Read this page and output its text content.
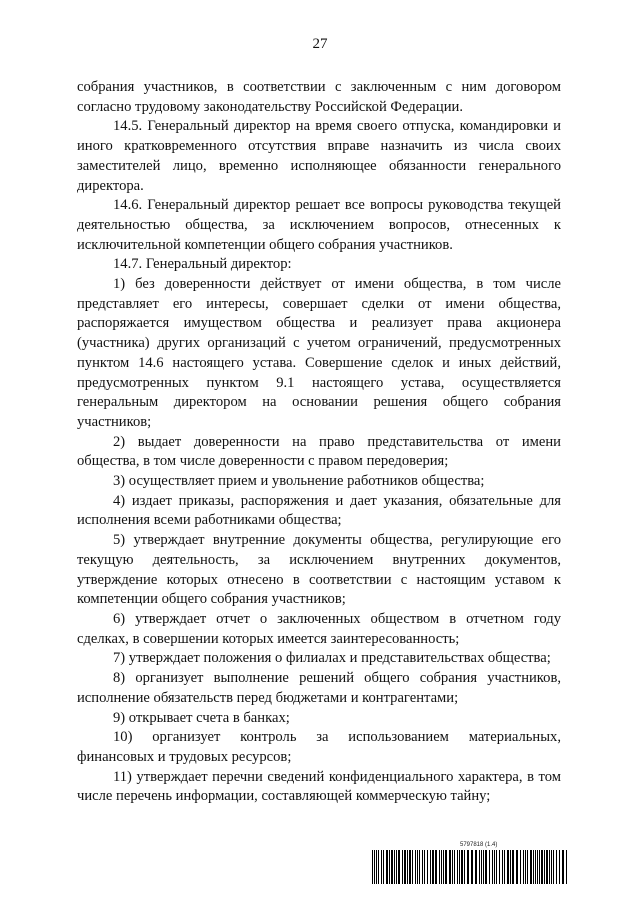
27

собрания участников, в соответствии с заключенным с ним договором согласно трудовому законодательству Российской Федерации.

14.5. Генеральный директор на время своего отпуска, командировки и иного кратковременного отсутствия вправе назначить из числа своих заместителей лицо, временно исполняющее обязанности генерального директора.

14.6. Генеральный директор решает все вопросы руководства текущей деятельностью общества, за исключением вопросов, отнесенных к исключительной компетенции общего собрания участников.

14.7. Генеральный директор:

1) без доверенности действует от имени общества, в том числе представляет его интересы, совершает сделки от имени общества, распоряжается имуществом общества и реализует права акционера (участника) других организаций с учетом ограничений, предусмотренных пунктом 14.6 настоящего устава. Совершение сделок и иных действий, предусмотренных пунктом 9.1 настоящего устава, осуществляется генеральным директором на основании решения общего собрания участников;

2) выдает доверенности на право представительства от имени общества, в том числе доверенности с правом передоверия;

3) осуществляет прием и увольнение работников общества;

4) издает приказы, распоряжения и дает указания, обязательные для исполнения всеми работниками общества;

5) утверждает внутренние документы общества, регулирующие его текущую деятельность, за исключением внутренних документов, утверждение которых отнесено в соответствии с настоящим уставом к компетенции общего собрания участников;

6) утверждает отчет о заключенных обществом в отчетном году сделках, в совершении которых имеется заинтересованность;

7) утверждает положения о филиалах и представительствах общества;

8) организует выполнение решений общего собрания участников, исполнение обязательств перед бюджетами и контрагентами;

9) открывает счета в банках;

10) организует контроль за использованием материальных, финансовых и трудовых ресурсов;

11) утверждает перечни сведений конфиденциального характера, в том числе перечень информации, составляющей коммерческую тайну;

5797818 (1.4)
